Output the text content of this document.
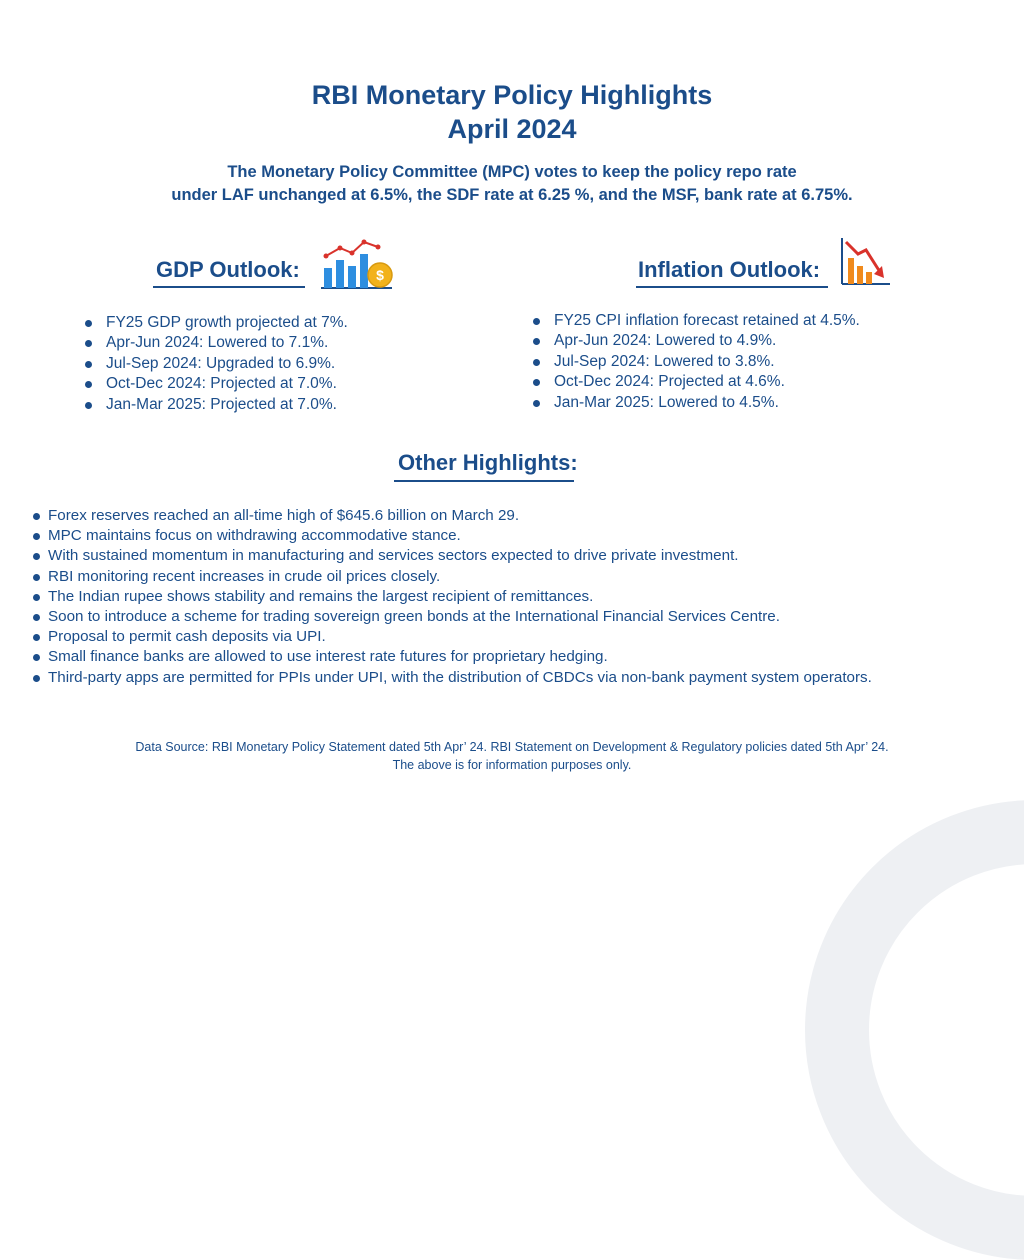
RBI Monetary Policy Highlights
April 2024
The Monetary Policy Committee (MPC) votes to keep the policy repo rate
under LAF unchanged at 6.5%, the SDF rate at 6.25 %, and the MSF, bank rate at 6.75%.
GDP Outlook:	$
FY25 GDP growth projected at 7%.
Apr-Jun 2024: Lowered to 7.1%.
Jul-Sep 2024: Upgraded to 6.9%.
Oct-Dec 2024: Projected at 7.0%.
Jan-Mar 2025: Projected at 7.0%.
Inflation Outlook:
FY25 CPI inflation forecast retained at 4.5%.
Apr-Jun 2024: Lowered to 4.9%.
Jul-Sep 2024: Lowered to 3.8%.
Oct-Dec 2024: Projected at 4.6%.
Jan-Mar 2025: Lowered to 4.5%.
Other Highlights:
Forex reserves reached an all-time high of $645.6 billion on March 29.
MPC maintains focus on withdrawing accommodative stance.
With sustained momentum in manufacturing and services sectors expected to drive private investment.
RBI monitoring recent increases in crude oil prices closely.
The Indian rupee shows stability and remains the largest recipient of remittances.
Soon to introduce a scheme for trading sovereign green bonds at the International Financial Services Centre.
Proposal to permit cash deposits via UPI.
Small finance banks are allowed to use interest rate futures for proprietary hedging.
Third-party apps are permitted for PPIs under UPI, with the distribution of CBDCs via non-bank payment system operators.
Data Source: RBI Monetary Policy Statement dated 5th Apr’ 24. RBI Statement on Development & Regulatory policies dated 5th Apr’ 24.
The above is for information purposes only.
